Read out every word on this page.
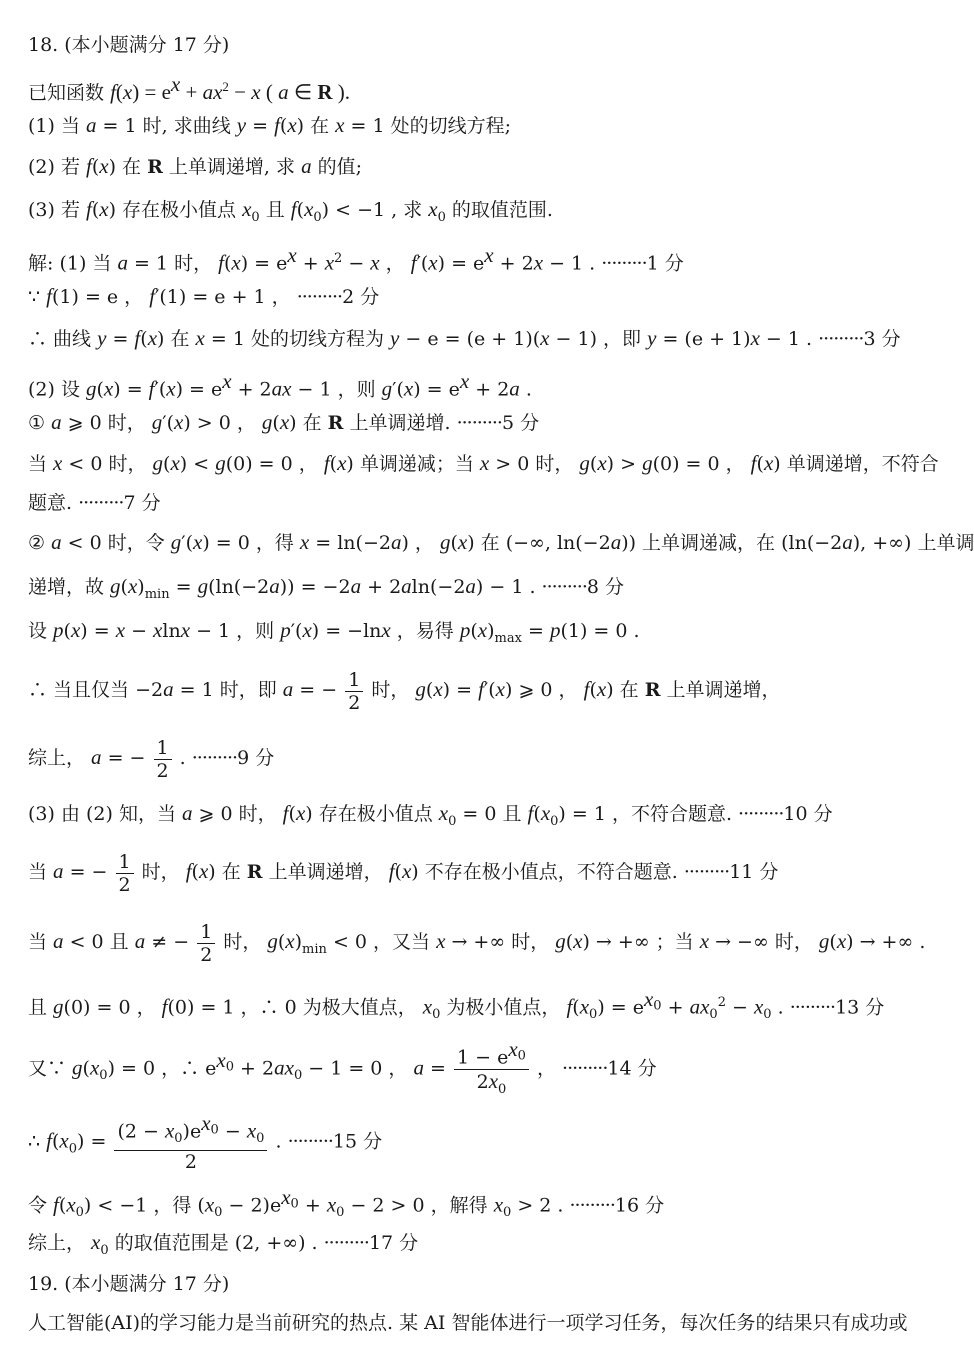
18. (本小题满分 17 分)
已知函数 $f(x) = e^x + ax^2 - x$ ( a ∈ R ).
(1) 当 a = 1 时, 求曲线 y = f(x) 在 x = 1 处的切线方程;
(2) 若 f(x) 在 R 上单调递增, 求 a 的值;
(3) 若 f(x) 存在极小值点 $x_0$ 且 $f(x_0) < -1$ , 求 $x_0$ 的取值范围.
解: (1) 当 a = 1 时， $f(x) = e^x + x^2 - x$ ， $f'(x) = e^x + 2x - 1$ . ·········1 分
∵ f(1) = e ， f′(1) = e + 1 ， ·········2 分
∴ 曲线 y = f(x) 在 x = 1 处的切线方程为 y − e = (e + 1)(x − 1) ，即 y = (e + 1)x − 1 . ·········3 分
(2) 设 $g(x) = f'(x) = e^x + 2ax - 1$ ，则 $g'(x) = e^x + 2a$ .
① a ⩾ 0 时， g′(x) > 0 ， g(x) 在 R 上单调递增. ·········5 分
当 x < 0 时， g(x) < g(0) = 0 ， f(x) 单调递减；当 x > 0 时， g(x) > g(0) = 0 ， f(x) 单调递增，不符合
题意. ·········7 分
② a < 0 时，令 g′(x) = 0 ，得 x = ln(−2a) ， g(x) 在 (−∞, ln(−2a)) 上单调递减，在 (ln(−2a), +∞) 上单调
递增，故 $g(x)_{min} = g(\ln(-2a)) = -2a + 2aln(-2a) - 1$ . ·········8 分
设 p(x) = x − xlnx − 1 ，则 p′(x) = −lnx ，易得 $p(x)_{max} = p(1) = 0$ .
∴ 当且仅当 −2a = 1 时，即 a = − $\frac{1}{2}$ 时， g(x) = f′(x) ⩾ 0 ， f(x) 在 R 上单调递增，
综上， a = − $\frac{1}{2}$ . ·········9 分
(3) 由 (2) 知，当 a ⩾ 0 时， f(x) 存在极小值点 $x_0 = 0$ 且 $f(x_0) = 1$ ，不符合题意. ·········10 分
当 a = − $\frac{1}{2}$ 时， f(x) 在 R 上单调递增， f(x) 不存在极小值点，不符合题意. ·········11 分
当 a < 0 且 a ≠ − $\frac{1}{2}$ 时， $g(x)_{min} < 0$ ，又当 x → +∞ 时， g(x) → +∞ ；当 x → −∞ 时， g(x) → +∞ .
且 g(0) = 0 ， f(0) = 1 ，∴ 0 为极大值点， $x_0$ 为极小值点， $f(x_0) = e^{x_0} + ax_0^2 - x_0$ . ·········13 分
又∵ $g(x_0) = 0$ ，∴ $e^{x_0} + 2ax_0 - 1 = 0$ ， $a = \frac{1 - e^{x_0}}{2x_0}$ ， ·········14 分
∴ $f(x_0) = \frac{(2 - x_0)e^{x_0} - x_0}{2}$ . ·········15 分
令 $f(x_0) < -1$ ，得 $(x_0 - 2)e^{x_0} + x_0 - 2 > 0$ ，解得 $x_0 > 2$ . ·········16 分
综上， $x_0$ 的取值范围是 (2, +∞) . ·········17 分
19. (本小题满分 17 分)
人工智能(AI)的学习能力是当前研究的热点. 某 AI 智能体进行一项学习任务，每次任务的结果只有成功或
